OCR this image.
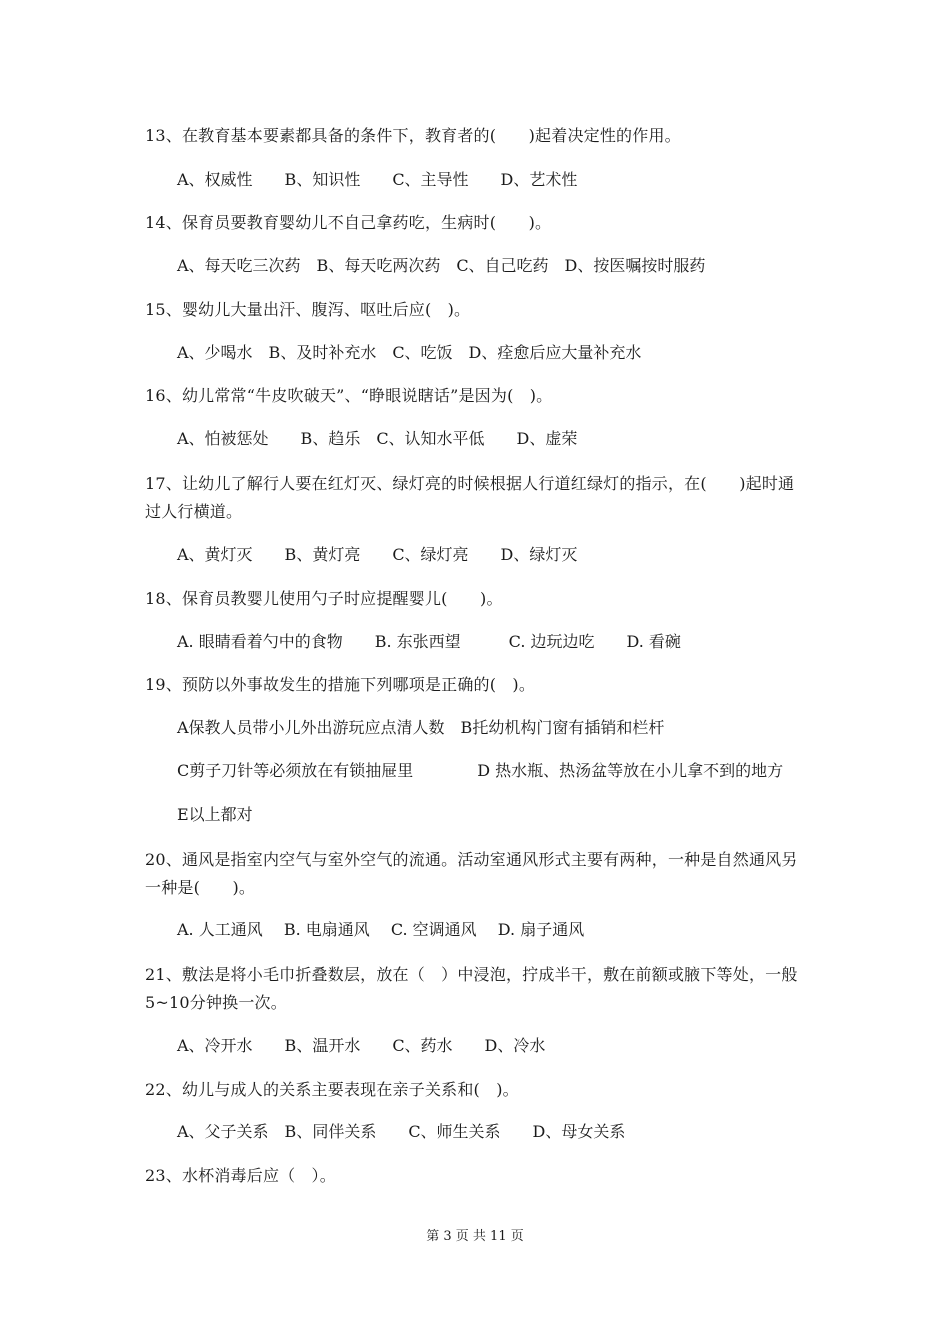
13、在教育基本要素都具备的条件下，教育者的(　　)起着决定性的作用。
A、权威性　　B、知识性　　C、主导性　　D、艺术性
14、保育员要教育婴幼儿不自己拿药吃，生病时(　　)。
A、每天吃三次药　B、每天吃两次药　C、自己吃药　D、按医嘱按时服药
15、婴幼儿大量出汗、腹泻、呕吐后应(　)。
A、少喝水　B、及时补充水　C、吃饭　D、痊愈后应大量补充水
16、幼儿常常“牛皮吹破天”、“睁眼说瞎话”是因为(　)。
A、怕被惩处　　B、趋乐　C、认知水平低　　D、虚荣
17、让幼儿了解行人要在红灯灭、绿灯亮的时候根据人行道红绿灯的指示，在(　　)起时通过人行横道。
A、黄灯灭　　B、黄灯亮　　C、绿灯亮　　D、绿灯灭
18、保育员教婴儿使用勺子时应提醒婴儿(　　)。
A. 眼睛看着勺中的食物　　B. 东张西望　　　C. 边玩边吃　　D. 看碗
19、预防以外事故发生的措施下列哪项是正确的(　)。
A保教人员带小儿外出游玩应点清人数　B托幼机构门窗有插销和栏杆
C剪子刀针等必须放在有锁抽屉里　　　　D 热水瓶、热汤盆等放在小儿拿不到的地方
E以上都对
20、通风是指室内空气与室外空气的流通。活动室通风形式主要有两种，一种是自然通风另一种是(　　)。
A. 人工通风　 B. 电扇通风　 C. 空调通风　 D. 扇子通风
21、敷法是将小毛巾折叠数层，放在（　）中浸泡，拧成半干，敷在前额或腋下等处，一般5~10分钟换一次。
A、冷开水　　B、温开水　　C、药水　　D、冷水
22、幼儿与成人的关系主要表现在亲子关系和(　)。
A、父子关系　B、同伴关系　　C、师生关系　　D、母女关系
23、水杯消毒后应（　）。
第 3 页 共 11 页
